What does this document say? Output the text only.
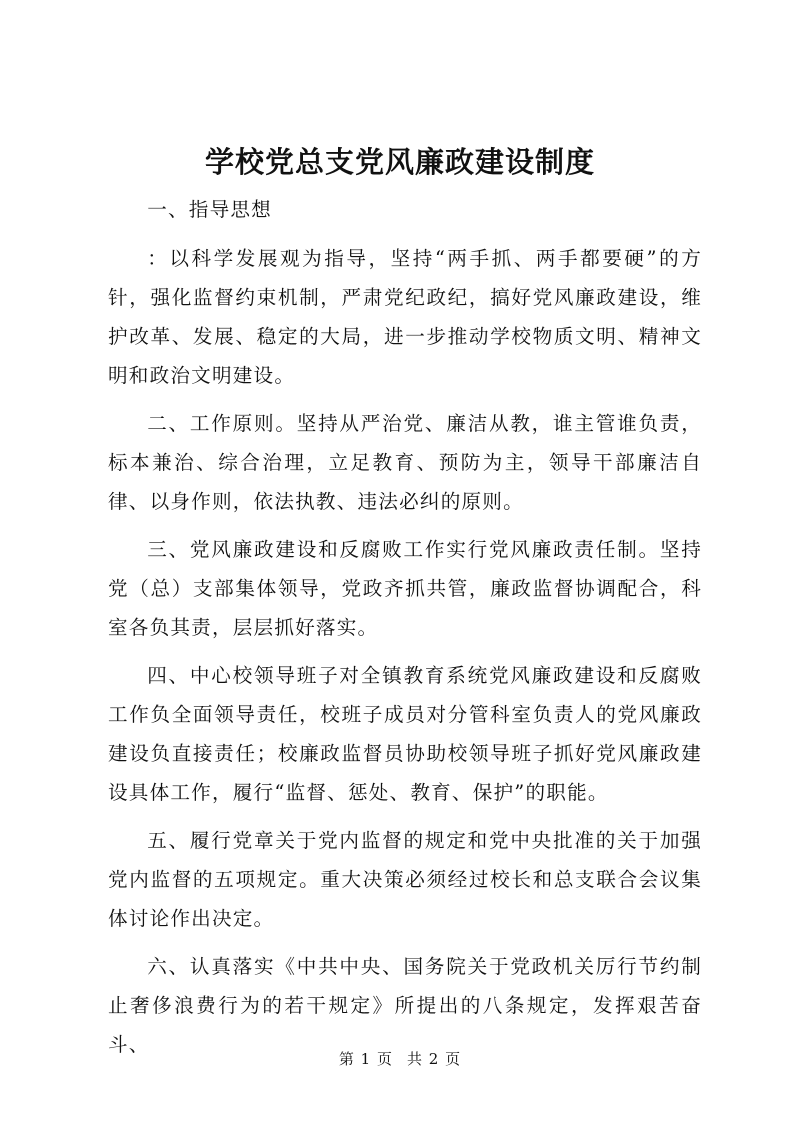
学校党总支党风廉政建设制度

一、指导思想

：以科学发展观为指导，坚持“两手抓、两手都要硬”的方针，强化监督约束机制，严肃党纪政纪，搞好党风廉政建设，维护改革、发展、稳定的大局，进一步推动学校物质文明、精神文明和政治文明建设。

二、工作原则。坚持从严治党、廉洁从教，谁主管谁负责，标本兼治、综合治理，立足教育、预防为主，领导干部廉洁自律、以身作则，依法执教、违法必纠的原则。

三、党风廉政建设和反腐败工作实行党风廉政责任制。坚持党（总）支部集体领导，党政齐抓共管，廉政监督协调配合，科室各负其责，层层抓好落实。

四、中心校领导班子对全镇教育系统党风廉政建设和反腐败工作负全面领导责任，校班子成员对分管科室负责人的党风廉政建设负直接责任；校廉政监督员协助校领导班子抓好党风廉政建设具体工作，履行“监督、惩处、教育、保护”的职能。

五、履行党章关于党内监督的规定和党中央批准的关于加强党内监督的五项规定。重大决策必须经过校长和总支联合会议集体讨论作出决定。

六、认真落实《中共中央、国务院关于党政机关厉行节约制止奢侈浪费行为的若干规定》所提出的八条规定，发挥艰苦奋斗、

第 1 页 共 2 页
